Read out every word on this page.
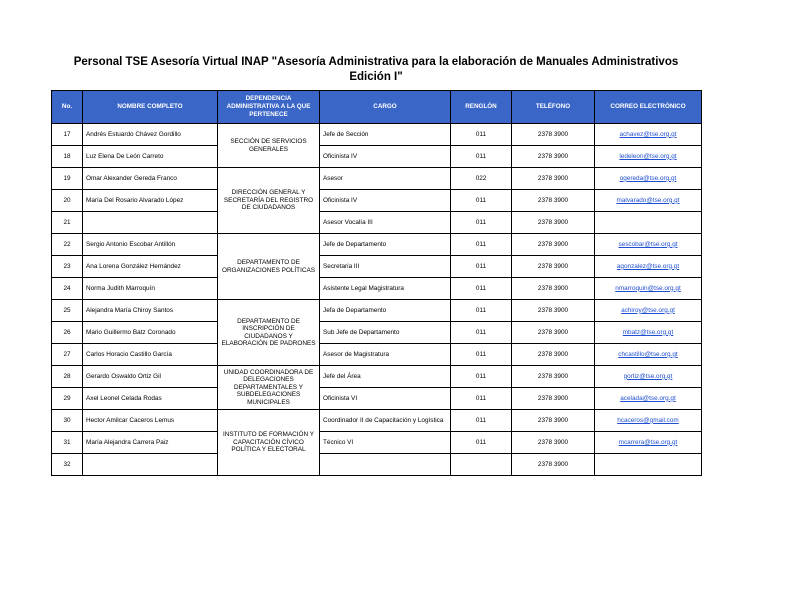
Personal TSE Asesoría Virtual INAP "Asesoría Administrativa para la elaboración de Manuales Administrativos
Edición I"
No.	NOMBRE COMPLETO	DEPENDENCIA ADMINISTRATIVA A LA QUE PERTENECE	CARGO	RENGLÓN	TELÉFONO	CORREO ELECTRÓNICO
17	Andrés Estuardo Chávez Gordillo	SECCIÓN DE SERVICIOS GENERALES	Jefe de Sección	011	2378 3900	achavez@tse.org.gt
18	Luz Elena De León Carreto		Oficinista IV	011	2378 3900	ledeleon@tse.org.gt
19	Omar Alexander Gereda Franco	DIRECCIÓN GENERAL Y SECRETARÍA DEL REGISTRO DE CIUDADANOS	Asesor	022	2378 3900	ogereda@tse.org.gt
20	María Del Rosario Alvarado López		Oficinista IV	011	2378 3900	malvarado@tse.org.gt
21			Asesor Vocalía III	011	2378 3900	
22	Sergio Antonio Escobar Antillón	DEPARTAMENTO DE ORGANIZACIONES POLÍTICAS	Jefe de Departamento	011	2378 3900	sescobar@tse.org.gt
23	Ana Lorena González Hernández		Secretaria III	011	2378 3900	agonzalez@tse.org.gt
24	Norma Judith Marroquín		Asistente Legal Magistratura	011	2378 3900	nmarroquin@tse.org.gt
25	Alejandra María Chiroy Santos	DEPARTAMENTO DE INSCRIPCIÓN DE CIUDADANOS Y ELABORACIÓN DE PADRONES	Jefa de Departamento	011	2378 3900	achiroy@tse.org.gt
26	Mario Guillermo Batz Coronado		Sub Jefe de Departamento	011	2378 3900	mbatz@tse.org.gt
27	Carlos Horacio Castillo García		Asesor de Magistratura	011	2378 3900	chcastillo@tse.org.gt
28	Gerardo Oswaldo Ortiz Gil	UNIDAD COORDINADORA DE DELEGACIONES DEPARTAMENTALES Y SUBDELEGACIONES MUNICIPALES	Jefe del Área	011	2378 3900	gortiz@tse.org.gt
29	Axel Leonel Celada Rodas		Oficinista VI	011	2378 3900	acelada@tse.org.gt
30	Hector Amilcar Caceros Lemus	INSTITUTO DE FORMACIÓN Y CAPACITACIÓN CÍVICO POLÍTICA Y ELECTORAL	Coordinador II de Capacitación y Logística	011	2378 3900	hcaceros@gmail.com
31	María Alejandra Carrera Paiz		Técnico VI	011	2378 3900	mcarrera@tse.org.gt
32					2378 3900	
